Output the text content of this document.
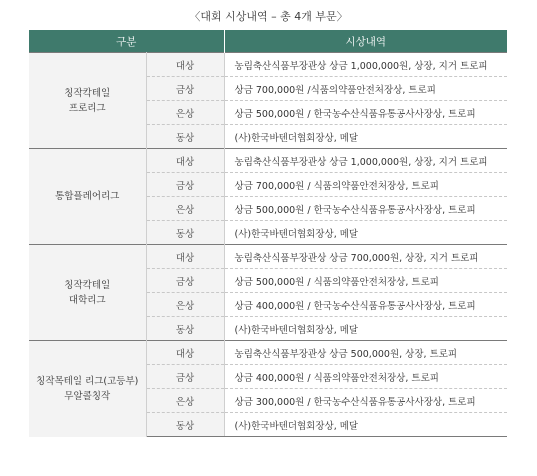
〈대회 시상내역 – 총 4개 부문〉
구분		시상내역

칭작칵테일
프로리그	대상	농림축산식품부장관상 상금 1,000,000원, 상장, 지거 트로피
	금상	상금 700,000원 /식품의약품안전처장상, 트로피
	은상	상금 500,000원 / 한국농수산식품유통공사사장상, 트로피
	동상	(사)한국바텐더협회장상, 메달

통합플레어리그	대상	농림축산식품부장관상 상금 1,000,000원, 상장, 지거 트로피
	금상	상금 700,000원 / 식품의약품안전처장상, 트로피
	은상	상금 500,000원 / 한국농수산식품유통공사사장상, 트로피
	동상	(사)한국바텐더협회장상, 메달

칭작칵테일
대학리그	대상	농림축산식품부장관상 상금 700,000원, 상장, 지거 트로피
	금상	상금 500,000원 / 식품의약품안전처장상, 트로피
	은상	상금 400,000원 / 한국농수산식품유통공사사장상, 트로피
	동상	(사)한국바텐더협회장상, 메달

칭작목테일 리그(고등부)
무알콜칭작	대상	농림축산식품부장관상 상금 500,000원, 상장, 트로피
	금상	상금 400,000원 / 식품의약품안전처장상, 트로피
	은상	상금 300,000원 / 한국농수산식품유통공사사장상, 트로피
	동상	(사)한국바텐더협회장상, 메달
